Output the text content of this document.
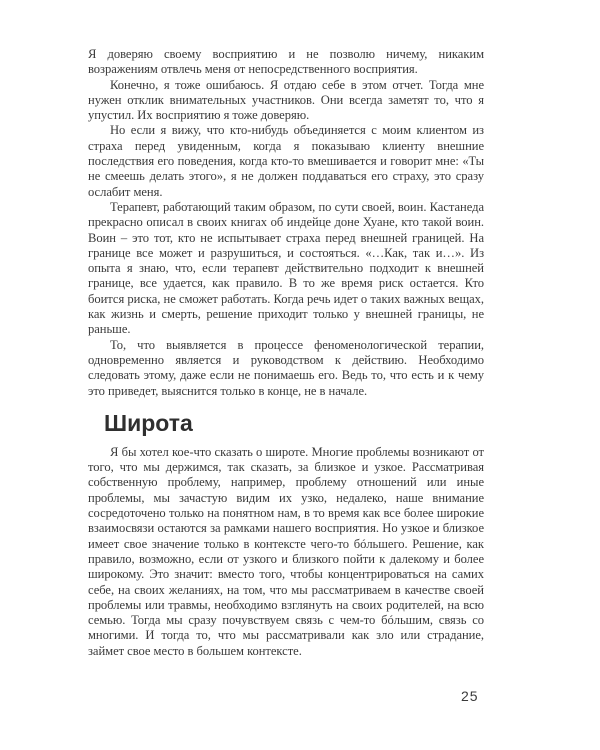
Я доверяю своему восприятию и не позволю ничему, никаким возражениям отвлечь меня от непосредственного восприятия.

Конечно, я тоже ошибаюсь. Я отдаю себе в этом отчет. Тогда мне нужен отклик внимательных участников. Они всегда заметят то, что я упустил. Их восприятию я тоже доверяю.

Но если я вижу, что кто-нибудь объединяется с моим клиентом из страха перед увиденным, когда я показываю клиенту внешние последствия его поведения, когда кто-то вмешивается и говорит мне: «Ты не смеешь делать этого», я не должен поддаваться его страху, это сразу ослабит меня.

Терапевт, работающий таким образом, по сути своей, воин. Кастанеда прекрасно описал в своих книгах об индейце доне Хуане, кто такой воин. Воин – это тот, кто не испытывает страха перед внешней границей. На границе все может и разрушиться, и состояться. «…Как, так и…». Из опыта я знаю, что, если терапевт действительно подходит к внешней границе, все удается, как правило. В то же время риск остается. Кто боится риска, не сможет работать. Когда речь идет о таких важных вещах, как жизнь и смерть, решение приходит только у внешней границы, не раньше.

То, что выявляется в процессе феноменологической терапии, одновременно является и руководством к действию. Необходимо следовать этому, даже если не понимаешь его. Ведь то, что есть и к чему это приведет, выяснится только в конце, не в начале.

Широта

Я бы хотел кое-что сказать о широте. Многие проблемы возникают от того, что мы держимся, так сказать, за близкое и узкое. Рассматривая собственную проблему, например, проблему отношений или иные проблемы, мы зачастую видим их узко, недалеко, наше внимание сосредоточено только на понятном нам, в то время как все более широкие взаимосвязи остаются за рамками нашего восприятия. Но узкое и близкое имеет свое значение только в контексте чего-то бóльшего. Решение, как правило, возможно, если от узкого и близкого пойти к далекому и более широкому. Это значит: вместо того, чтобы концентрироваться на самих себе, на своих желаниях, на том, что мы рассматриваем в качестве своей проблемы или травмы, необходимо взглянуть на своих родителей, на всю семью. Тогда мы сразу почувствуем связь с чем-то бóльшим, связь со многими. И тогда то, что мы рассматривали как зло или страдание, займет свое место в большем контексте.

25
